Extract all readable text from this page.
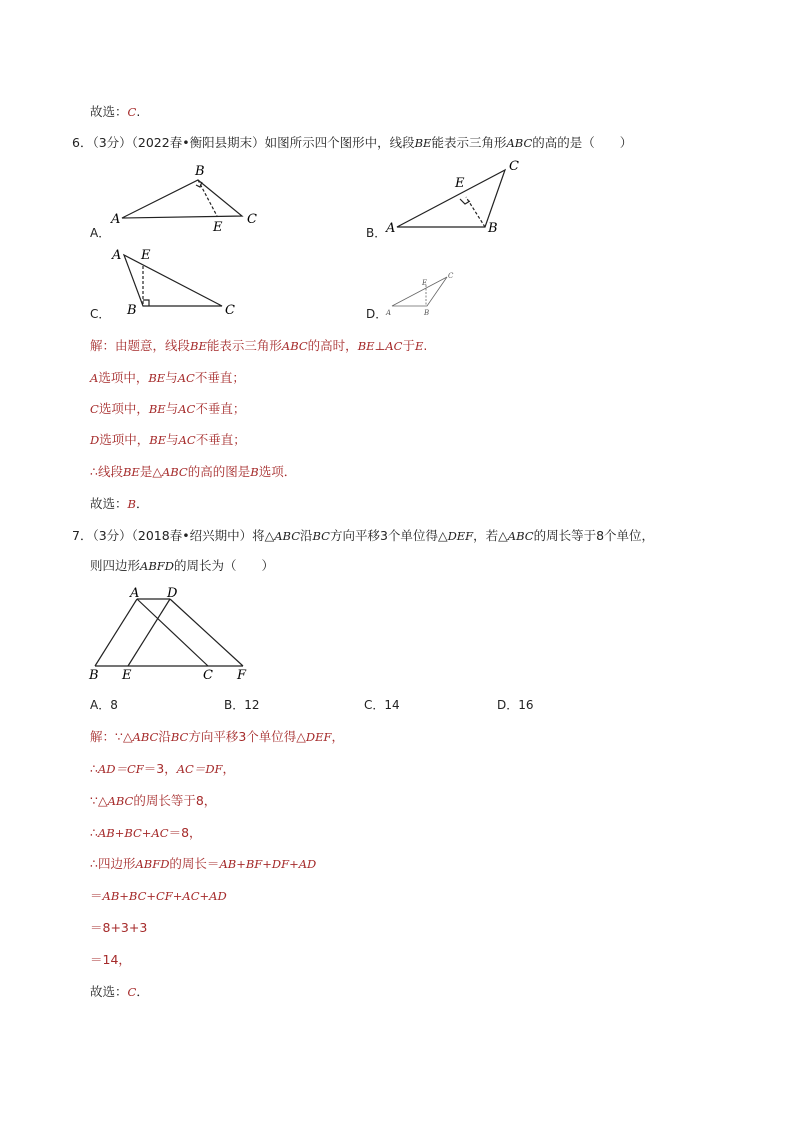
故选：C.
6．（3分）（2022春•衡阳县期末）如图所示四个图形中，线段BE能表示三角形ABC的高的是（　　）
A．	B．
C．	D．
A
B
C
E	A	B
C
E
A
B	C
E
A	B
C
E
解：由题意，线段BE能表示三角形ABC的高时，BE⊥AC于E.
A选项中，BE与AC不垂直；
C选项中，BE与AC不垂直；
D选项中，BE与AC不垂直；
∴线段BE是△ABC的高的图是B选项．
故选：B．
7．（3分）（2018春•绍兴期中）将△ABC沿BC方向平移3个单位得△DEF，若△ABC的周长等于8个单位，
则四边形ABFD的周长为（　　）
A D
B E	C F
A．8	B．12	C．14	D．16
解：∵△ABC沿BC方向平移3个单位得△DEF，
∴AD＝CF＝3，AC＝DF，
∵△ABC的周长等于8，
∴AB+BC+AC＝8，
∴四边形ABFD的周长＝AB+BF+DF+AD
＝AB+BC+CF+AC+AD
＝8+3+3
＝14，
故选：C．
